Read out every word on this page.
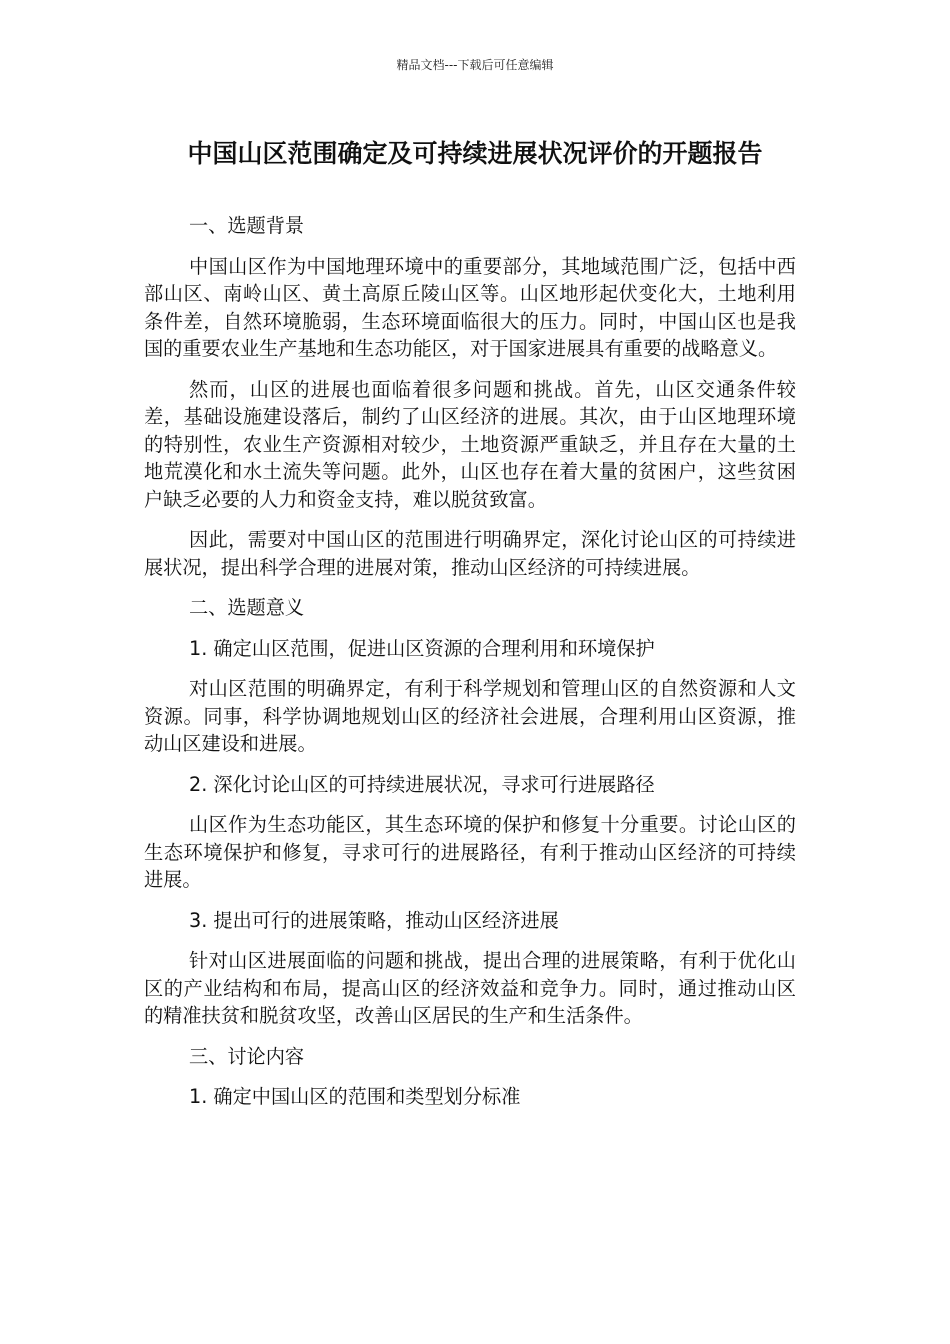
精品文档---下载后可任意编辑
中国山区范围确定及可持续进展状况评价的开题报告

一、选题背景

中国山区作为中国地理环境中的重要部分，其地域范围广泛，包括中西部山区、南岭山区、黄土高原丘陵山区等。山区地形起伏变化大，土地利用条件差，自然环境脆弱，生态环境面临很大的压力。同时，中国山区也是我国的重要农业生产基地和生态功能区，对于国家进展具有重要的战略意义。

然而，山区的进展也面临着很多问题和挑战。首先，山区交通条件较差，基础设施建设落后，制约了山区经济的进展。其次，由于山区地理环境的特别性，农业生产资源相对较少，土地资源严重缺乏，并且存在大量的土地荒漠化和水土流失等问题。此外，山区也存在着大量的贫困户，这些贫困户缺乏必要的人力和资金支持，难以脱贫致富。

因此，需要对中国山区的范围进行明确界定，深化讨论山区的可持续进展状况，提出科学合理的进展对策，推动山区经济的可持续进展。

二、选题意义

1. 确定山区范围，促进山区资源的合理利用和环境保护

对山区范围的明确界定，有利于科学规划和管理山区的自然资源和人文资源。同事，科学协调地规划山区的经济社会进展，合理利用山区资源，推动山区建设和进展。

2. 深化讨论山区的可持续进展状况，寻求可行进展路径

山区作为生态功能区，其生态环境的保护和修复十分重要。讨论山区的生态环境保护和修复，寻求可行的进展路径，有利于推动山区经济的可持续进展。

3. 提出可行的进展策略，推动山区经济进展

针对山区进展面临的问题和挑战，提出合理的进展策略，有利于优化山区的产业结构和布局，提高山区的经济效益和竞争力。同时，通过推动山区的精准扶贫和脱贫攻坚，改善山区居民的生产和生活条件。

三、讨论内容

1. 确定中国山区的范围和类型划分标准
